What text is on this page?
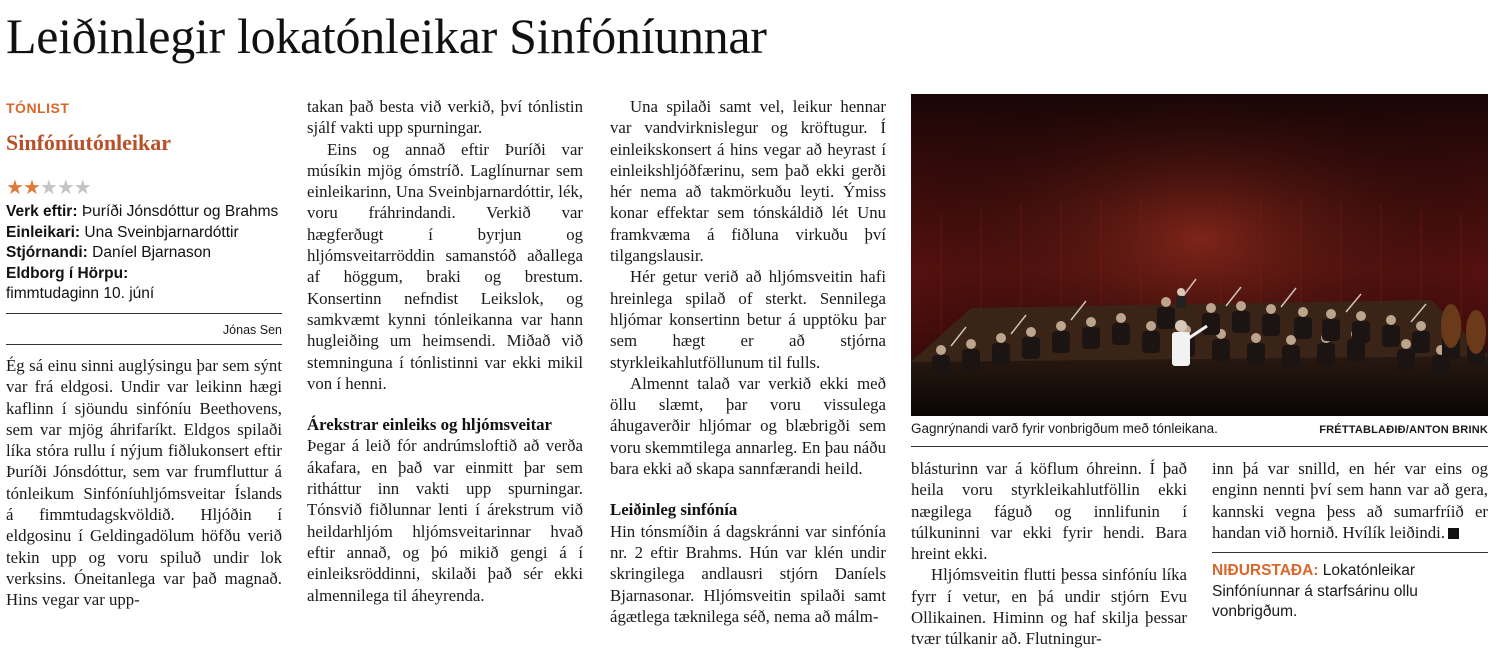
Leiðinlegir lokatónleikar Sinfóníunnar
TÓNLIST
Sinfóníutónleikar
★★★★★
Verk eftir: Þuríði Jónsdóttur og Brahms
Einleikari: Una Sveinbjarnardóttir
Stjórnandi: Daníel Bjarnason
Eldborg í Hörpu:
fimmtudaginn 10. júní
Jónas Sen

Ég sá einu sinni auglýsingu þar sem sýnt var frá eldgosi. Undir var leikinn hægi kaflinn í sjöundu sinfóníu Beethovens, sem var mjög áhrifaríkt. Eldgos spilaði líka stóra rullu í nýjum fiðlukonsert eftir Þuríði Jónsdóttur, sem var frumfluttur á tónleikum Sinfóníuhljómsveitar Íslands á fimmtudagskvöldið. Hljóðin í eldgosinu í Geldingadölum höfðu verið tekin upp og voru spiluð undir lok verksins. Óneitanlega var það magnað. Hins vegar var upp-

takan það besta við verkið, því tónlistin sjálf vakti upp spurningar.

Eins og annað eftir Þuríði var músíkin mjög ómstríð. Laglínurnar sem einleikarinn, Una Sveinbjarnardóttir, lék, voru fráhrindandi. Verkið var hægferðugt í byrjun og hljómsveitarröddin samanstóð aðallega af höggum, braki og brestum. Konsertinn nefndist Leikslok, og samkvæmt kynni tónleikanna var hann hugleiðing um heimsendi. Miðað við stemninguna í tónlistinni var ekki mikil von í henni.

Árekstrar einleiks og hljómsveitar

Þegar á leið fór andrúmsloftið að verða ákafara, en það var einmitt þar sem ritháttur inn vakti upp spurningar. Tónsvið fiðlunnar lenti í árekstrum við heildarhljóm hljómsveitarinnar hvað eftir annað, og þó mikið gengi á í einleiksröddinni, skilaði það sér ekki almennilega til áheyrenda.

Una spilaði samt vel, leikur hennar var vandvirknislegur og kröftugur. Í einleikskonsert á hins vegar að heyrast í einleikshljóðfærinu, sem það ekki gerði hér nema að takmörkuðu leyti. Ýmiss konar effektar sem tónskáldið lét Unu framkvæma á fiðluna virkuðu því tilgangslausir.

Hér getur verið að hljómsveitin hafi hreinlega spilað of sterkt. Sennilega hljómar konsertinn betur á upptöku þar sem hægt er að stjórna styrkleikahlutföllunum til fulls.

Almennt talað var verkið ekki með öllu slæmt, þar voru vissulega áhugaverðir hljómar og blæbrigði sem voru skemmtilega annarleg. En þau náðu bara ekki að skapa sannfærandi heild.

Leiðinleg sinfónía

Hin tónsmíðin á dagskránni var sinfónía nr. 2 eftir Brahms. Hún var klén undir skringilega andlausri stjórn Daníels Bjarnasonar. Hljómsveitin spilaði samt ágætlega tæknilega séð, nema að málm-

Gagnrýnandi varð fyrir vonbrigðum með tónleikana.	FRÉTTABLAÐIÐ/ANTON BRINK

blásturinn var á köflum óhreinn. Í það heila voru styrkleikahlutföllin ekki nægilega fáguð og innlifunin í túlkuninni var ekki fyrir hendi. Bara hreint ekki.

Hljómsveitin flutti þessa sinfóníu líka fyrr í vetur, en þá undir stjórn Evu Ollikainen. Himinn og haf skilja þessar tvær túlkanir að. Flutningur-

inn þá var snilld, en hér var eins og enginn nennti því sem hann var að gera, kannski vegna þess að sumarfríið er handan við hornið. Hvílík leiðindi.

NIÐURSTAÐA: Lokatónleikar Sinfóníunnar á starfsárinu ollu vonbrigðum.
